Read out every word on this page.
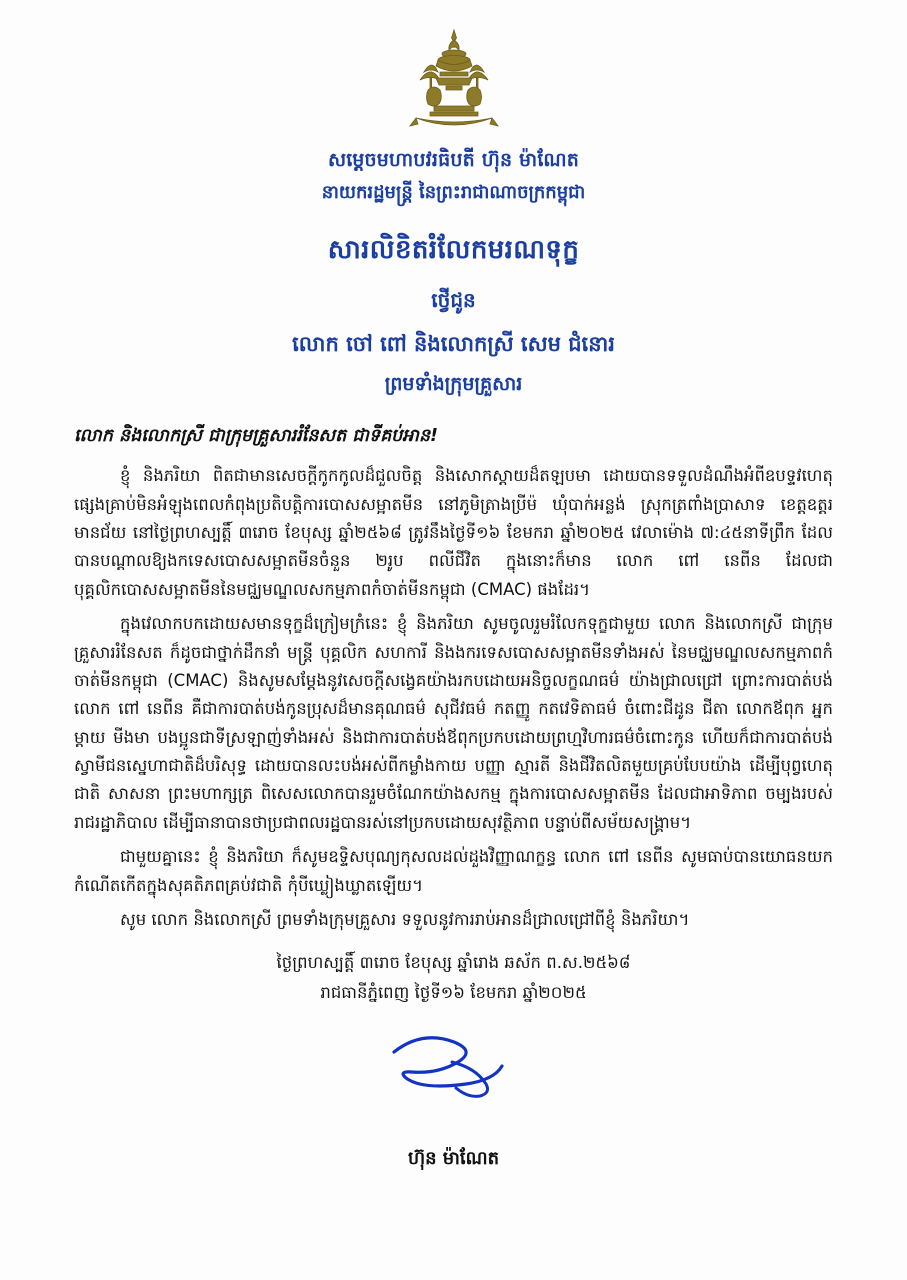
សម្តេចមហាបវរធិបតី ហ៊ុន ម៉ាណែត
នាយករដ្ឋមន្ត្រី នៃព្រះរាជាណាចក្រកម្ពុជា
សារលិខិតរំលែកមរណទុក្ខ
ថ្វើជូន
លោក ចៅ ពៅ និងលោកស្រី សេម ជំនោរ
ព្រមទាំងក្រុមគ្រួសារ
លោក និងលោកស្រី ជាក្រុមគ្រួសាររំនែសត ជាទីគប់អាន!

ខ្ញុំ និងភរិយា ពិតជាមានសេចក្តីកូកកូលដ៏ជួលចិត្ត និងសោកស្តាយដ៏តឡបមា ដោយបានទទួលដំណឹងអំពីឧបទ្ទវហេតុផ្សេងគ្រាប់មិនអំឡុងពេលកំពុងប្រតិបត្តិការបោសសម្អាតមីន នៅភូមិត្រាងប្រីម៉ ឃុំបាក់អន្លង់ ស្រុកត្រពាំងប្រាសាទ ខេត្តឧត្តរមានជ័យ នៅថ្ងៃព្រហស្បត្តិ៍ ៣រោច ខែបុស្ស ឆ្នាំ២៥៦៨ ត្រូវនឹងថ្ងៃទី១៦ ខែមករា ឆ្នាំ២០២៥ វេលាម៉ោង ៧:៤៥នាទីព្រឹក ដែលបានបណ្តាលឱ្យងកទេសបោសសម្អាតមីនចំនួន ២រូប ពលីជីវិត ក្នុងនោះក៏មាន លោក ពៅ នេពីន ដែលជាបុគ្គលិកបោសសម្អាតមីននៃមជ្ឈមណ្ឌលសកម្មភាពកំចាត់មីនកម្ពុជា (CMAC) ផងដែរ។

ក្នុងវេលាកបកដោយសមានទុក្ខដ៏ក្រៀមក្រំនេះ ខ្ញុំ និងភរិយា សូមចូលរួមរំលែកទុក្ខជាមួយ លោក និងលោកស្រី ជាក្រុមគ្រួសាររំនែសត ក៏ដូចជាថ្នាក់ដឹកនាំ មន្ត្រី បុគ្គលិក សហការី និងងករទេសបោសសម្អាតមីនទាំងអស់ នៃមជ្ឈមណ្ឌលសកម្មភាពកំចាត់មីនកម្ពុជា (CMAC) និងសូមសម្តែងនូវសេចក្តីសង្វេគយ៉ាងរកបដោយអនិច្ចលក្ខណធម៌ យ៉ាងជ្រាលជ្រៅ ព្រោះការបាត់បង់ លោក ពៅ នេពីន គឺជាការបាត់បង់កូនប្រុសដ៏មានគុណធម៌ សុជីវធម៌ កតញ្ញូ កតវេទិតាធម៌ ចំពោះជីដូន ជីតា លោកឪពុក អ្នកម្ដាយ មីងមា បងប្អូនជាទីស្រឡាញ់ទាំងអស់ និងជាការបាត់បង់ឪពុកប្រកបដោយព្រហ្មវិហារធម៌ចំពោះកូន ហើយក៏ជាការបាត់បង់ស្វាមីជនស្នេហាជាតិដ៏បរិសុទ្ធ ដោយបានលះបង់អស់ពីកម្លាំងកាយ បញ្ញា ស្មារតី និងជីវិតលិតមួយគ្រប់បែបយ៉ាង ដើម្បីបុព្វហេតុ ជាតិ សាសនា ព្រះមហាក្សត្រ ពិសេសលោកបានរួមចំណែកយ៉ាងសកម្ម ក្នុងការបោសសម្អាតមីន ដែលជាអាទិភាព ចម្បងរបស់រាជរដ្ឋាភិបាល ដើម្បីធានាបានថាប្រជាពលរដ្ឋបានរស់នៅប្រកបដោយសុវត្ថិភាព បន្ទាប់ពីសម័យសង្គ្រាម។

ជាមួយគ្នានេះ ខ្ញុំ និងភរិយា ក៏សូមឧទ្ទិសបុណ្យកុសលដល់ដួងវិញ្ញាណក្ខន្ធ លោក ពៅ នេពីន សូមធាប់បានយោធនយកកំណើតកើតក្នុងសុគតិភពគ្រប់វជាតិ កុំបីឃ្លៀងឃ្លាតឡើយ។

សូម លោក និងលោកស្រី ព្រមទាំងក្រុមគ្រួសារ ទទួលនូវការរាប់អានដ៏ជ្រាលជ្រៅពីខ្ញុំ និងភរិយា។

ថ្ងៃព្រហស្បត្តិ៍ ៣រោច ខែបុស្ស ឆ្នាំរោង ឆស័ក ព.ស.២៥៦៨
រាជធានីភ្នំពេញ ថ្ងៃទី១៦ ខែមករា ឆ្នាំ២០២៥
ហ៊ុន ម៉ាណែត
